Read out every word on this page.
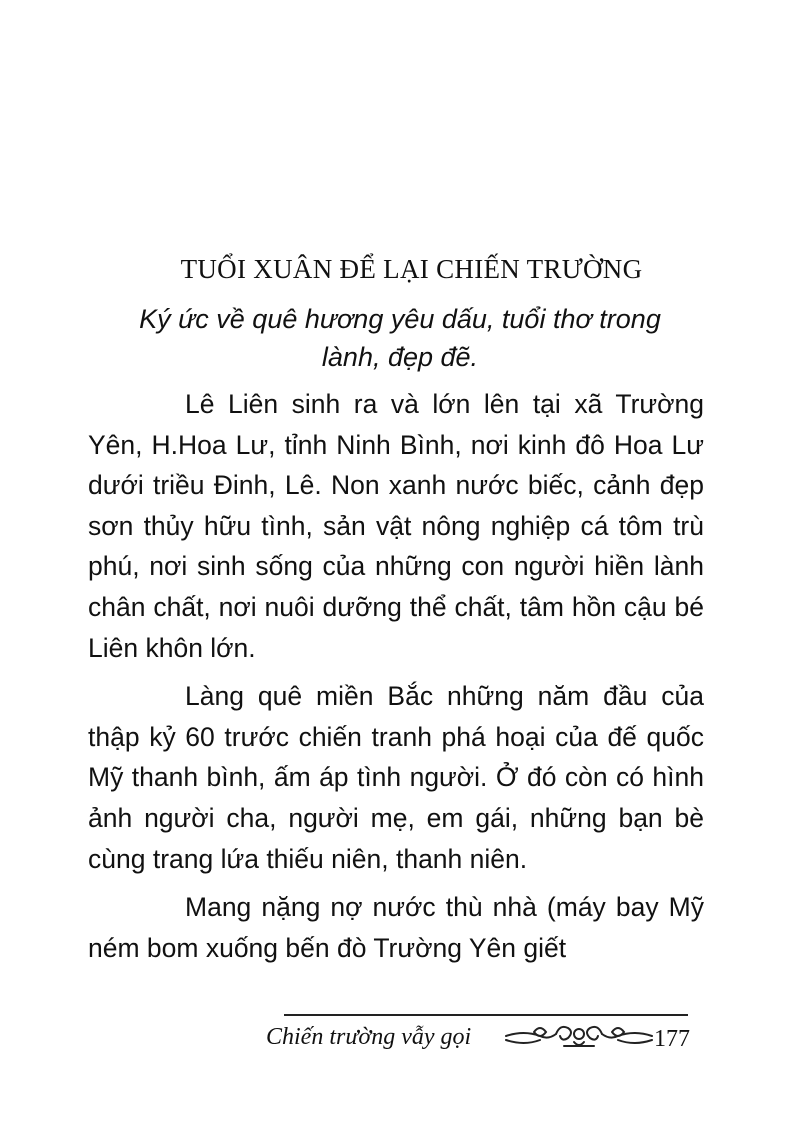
TUỔI XUÂN ĐỂ LẠI CHIẾN TRƯỜNG
Ký ức về quê hương yêu dấu, tuổi thơ trong lành, đẹp đẽ.

Lê Liên sinh ra và lớn lên tại xã Trường Yên, H.Hoa Lư, tỉnh Ninh Bình, nơi kinh đô Hoa Lư dưới triều Đinh, Lê. Non xanh nước biếc, cảnh đẹp sơn thủy hữu tình, sản vật nông nghiệp cá tôm trù phú, nơi sinh sống của những con người hiền lành chân chất, nơi nuôi dưỡng thể chất, tâm hồn cậu bé Liên khôn lớn.

Làng quê miền Bắc những năm đầu của thập kỷ 60 trước chiến tranh phá hoại của đế quốc Mỹ thanh bình, ấm áp tình người. Ở đó còn có hình ảnh người cha, người mẹ, em gái, những bạn bè cùng trang lứa thiếu niên, thanh niên.

Mang nặng nợ nước thù nhà (máy bay Mỹ ném bom xuống bến đò Trường Yên giết

Chiến trường vẫy gọi	177
